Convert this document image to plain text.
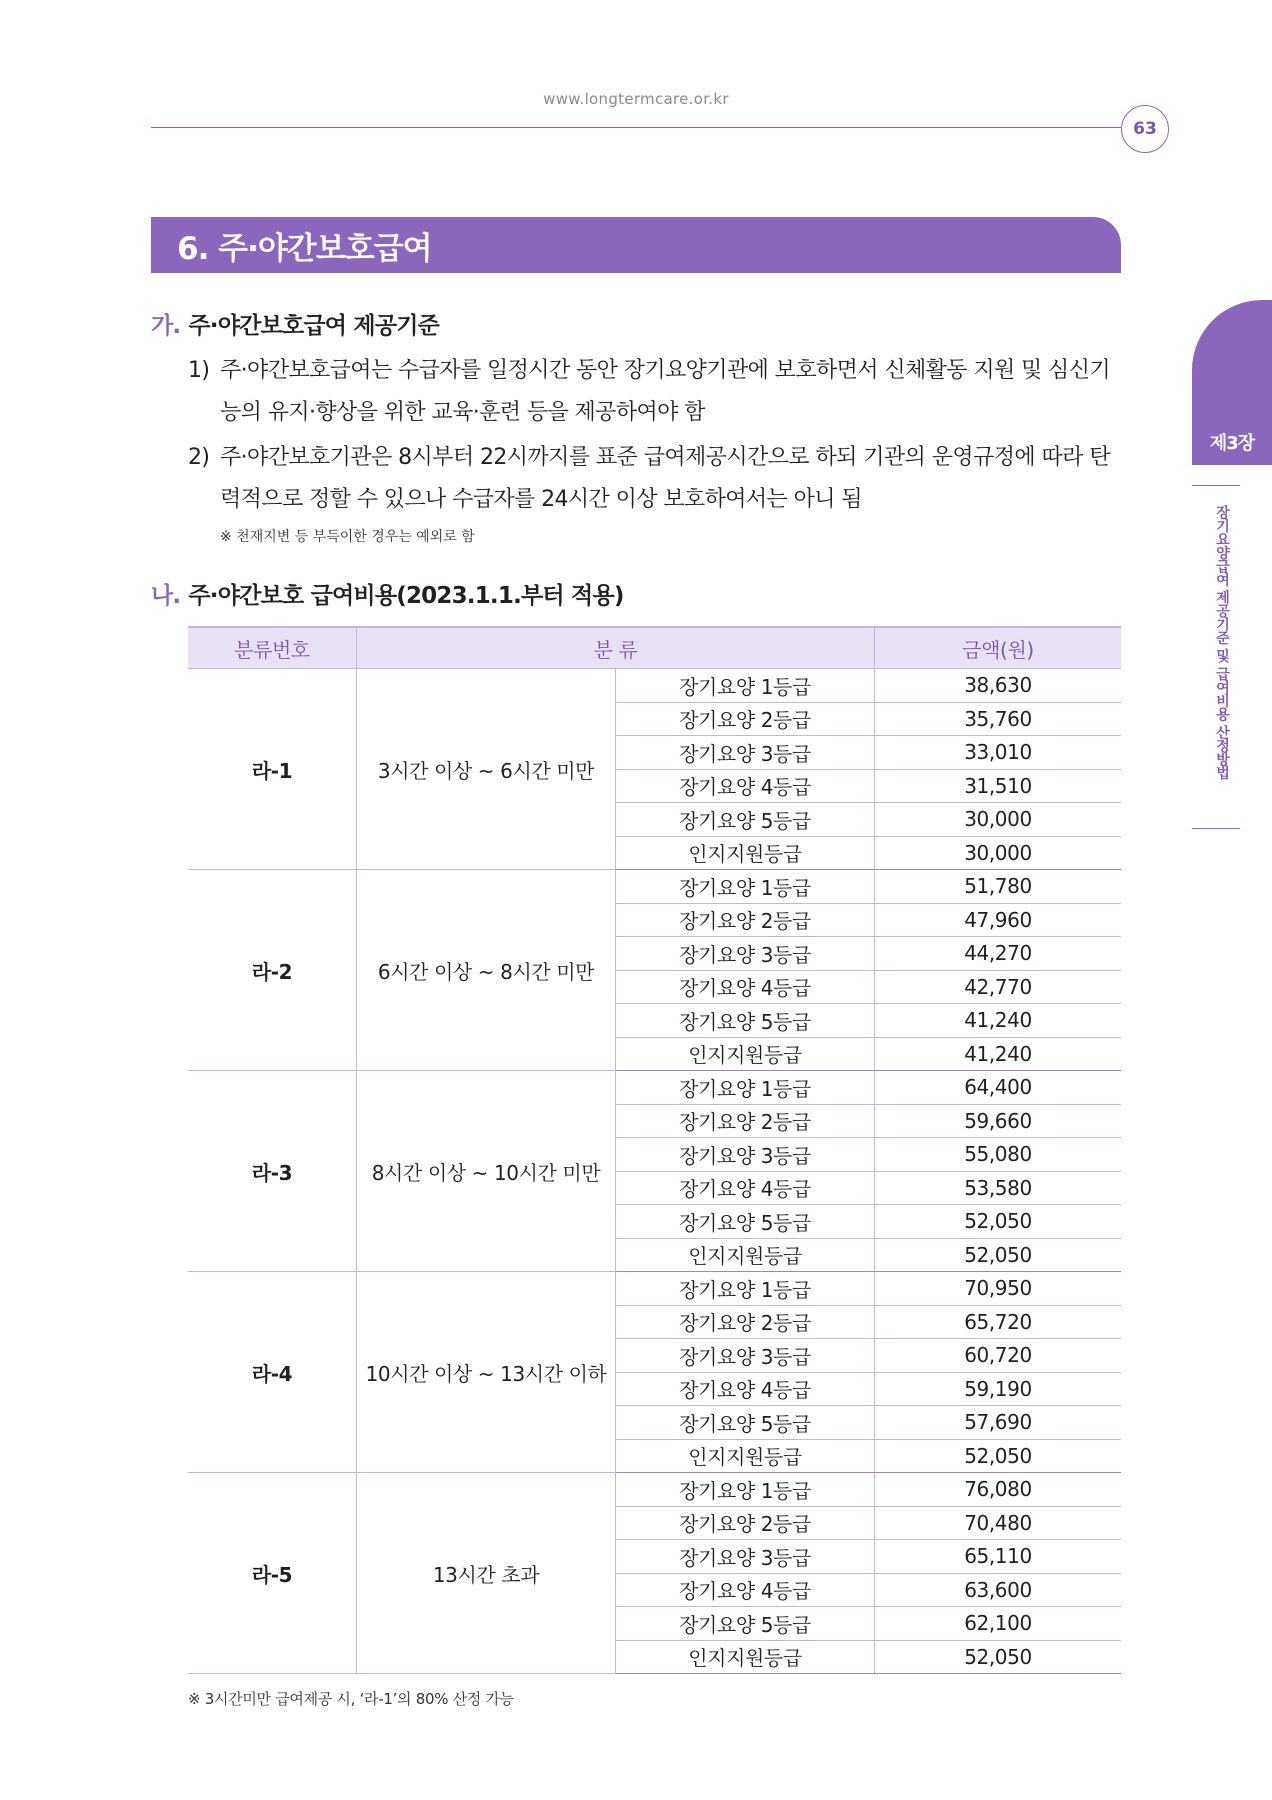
www.longtermcare.or.kr
63
6. 주·야간보호급여
제3장
장기요양급여 제공기준 및 급여비용 산정방법
가. 주·야간보호급여 제공기준
1) 주·야간보호급여는 수급자를 일정시간 동안 장기요양기관에 보호하면서 신체활동 지원 및 심신기능의 유지·향상을 위한 교육·훈련 등을 제공하여야 함
2) 주·야간보호기관은 8시부터 22시까지를 표준 급여제공시간으로 하되 기관의 운영규정에 따라 탄력적으로 정할 수 있으나 수급자를 24시간 이상 보호하여서는 아니 됨
※ 천재지변 등 부득이한 경우는 예외로 함
나. 주·야간보호 급여비용(2023.1.1.부터 적용)
분류번호	분 류		금액(원)
라-1	3시간 이상 ~ 6시간 미만	장기요양 1등급	38,630
		장기요양 2등급	35,760
		장기요양 3등급	33,010
		장기요양 4등급	31,510
		장기요양 5등급	30,000
		인지지원등급	30,000
라-2	6시간 이상 ~ 8시간 미만	장기요양 1등급	51,780
		장기요양 2등급	47,960
		장기요양 3등급	44,270
		장기요양 4등급	42,770
		장기요양 5등급	41,240
		인지지원등급	41,240
라-3	8시간 이상 ~ 10시간 미만	장기요양 1등급	64,400
		장기요양 2등급	59,660
		장기요양 3등급	55,080
		장기요양 4등급	53,580
		장기요양 5등급	52,050
		인지지원등급	52,050
라-4	10시간 이상 ~ 13시간 이하	장기요양 1등급	70,950
		장기요양 2등급	65,720
		장기요양 3등급	60,720
		장기요양 4등급	59,190
		장기요양 5등급	57,690
		인지지원등급	52,050
라-5	13시간 초과	장기요양 1등급	76,080
		장기요양 2등급	70,480
		장기요양 3등급	65,110
		장기요양 4등급	63,600
		장기요양 5등급	62,100
		인지지원등급	52,050
※ 3시간미만 급여제공 시, ‘라-1’의 80% 산정 가능
